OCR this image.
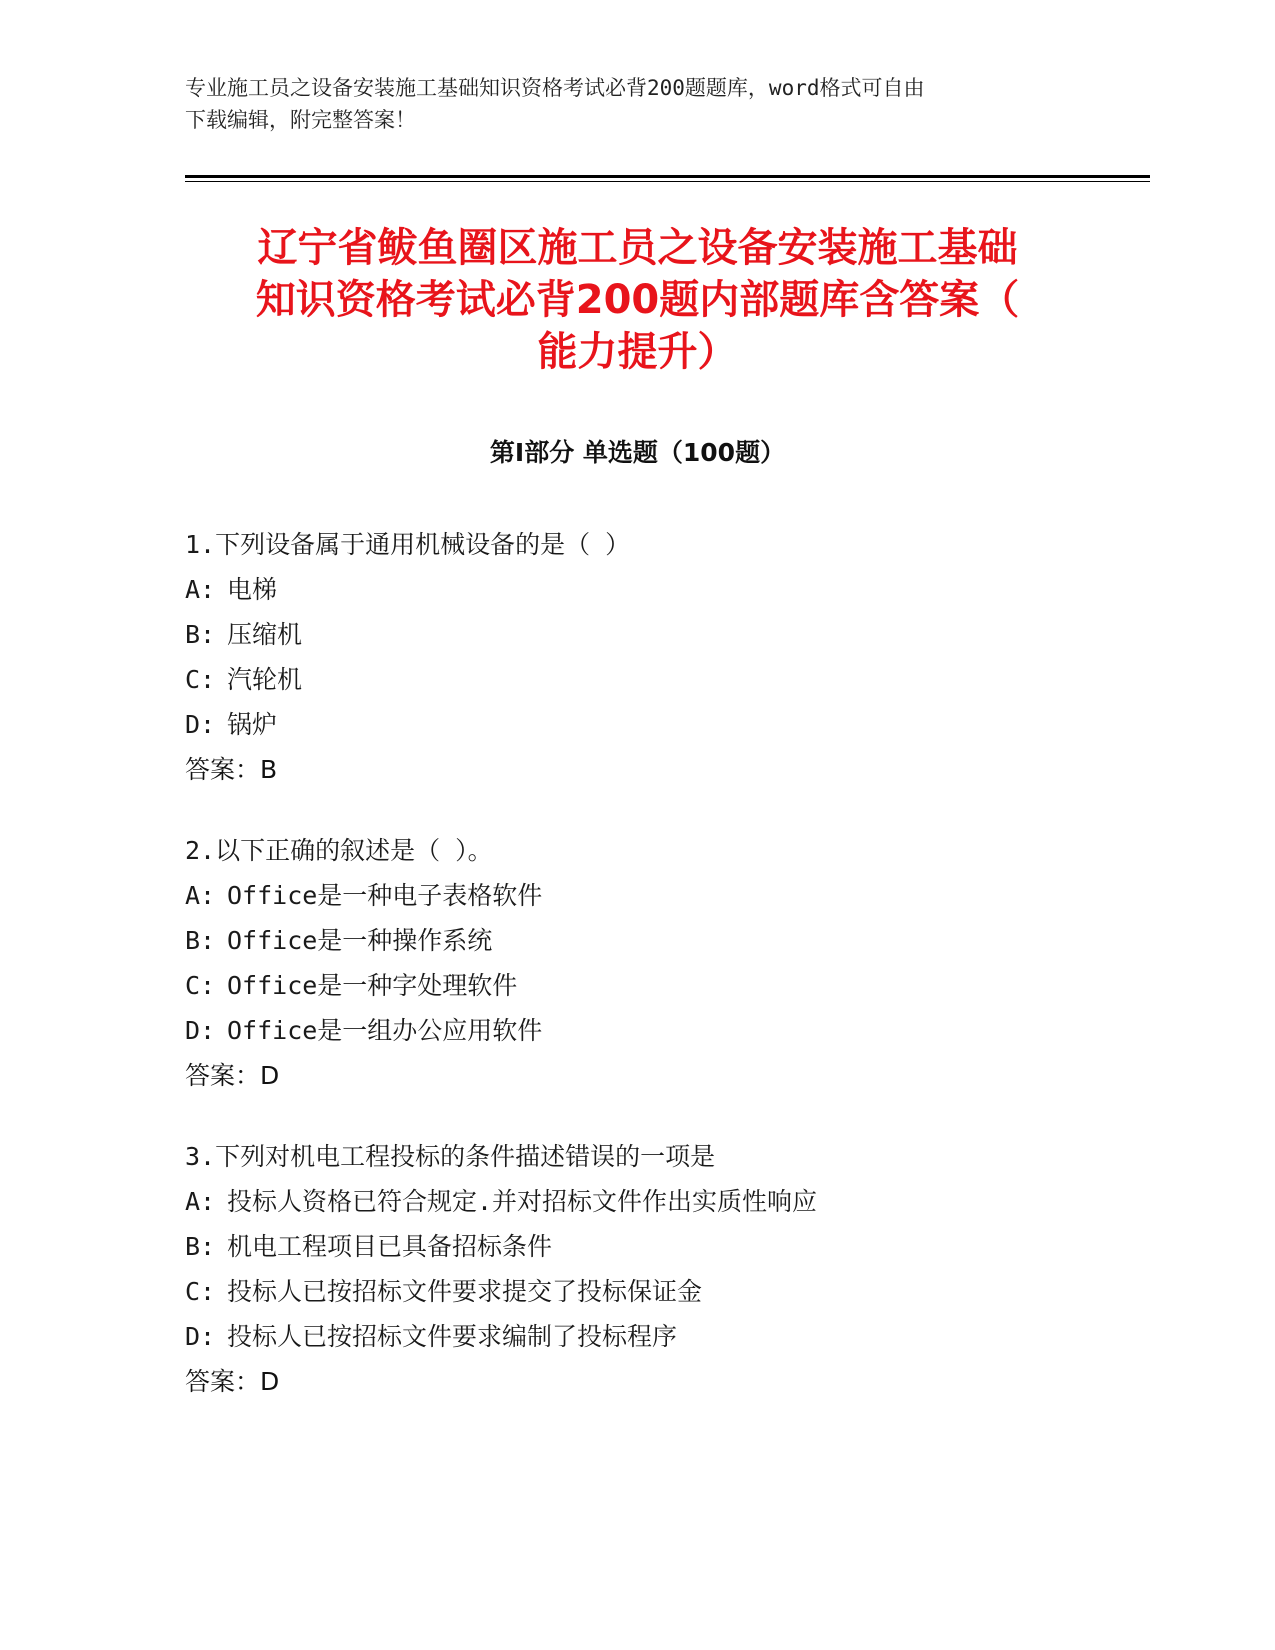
专业施工员之设备安装施工基础知识资格考试必背200题题库，word格式可自由
下载编辑，附完整答案！
辽宁省鲅鱼圈区施工员之设备安装施工基础
知识资格考试必背200题内部题库含答案（
能力提升）
第Ⅰ部分 单选题（100题）
1.下列设备属于通用机械设备的是（ ）
A: 电梯
B: 压缩机
C: 汽轮机
D: 锅炉
答案：B
2.以下正确的叙述是（ ）。
A: Office是一种电子表格软件
B: Office是一种操作系统
C: Office是一种字处理软件
D: Office是一组办公应用软件
答案：D
3.下列对机电工程投标的条件描述错误的一项是
A: 投标人资格已符合规定.并对招标文件作出实质性响应
B: 机电工程项目已具备招标条件
C: 投标人已按招标文件要求提交了投标保证金
D: 投标人已按招标文件要求编制了投标程序
答案：D
